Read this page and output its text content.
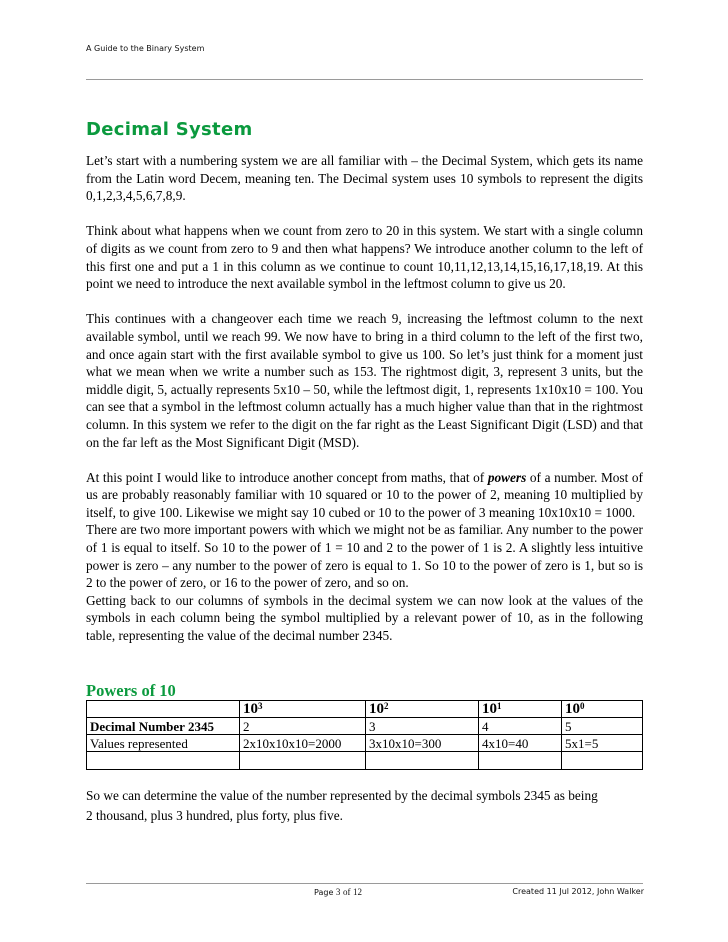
A Guide to the Binary System
Decimal System

Let’s start with a numbering system we are all familiar with – the Decimal System, which gets its name from the Latin word Decem, meaning ten. The Decimal system uses 10 symbols to represent the digits 0,1,2,3,4,5,6,7,8,9.

Think about what happens when we count from zero to 20 in this system. We start with a single column of digits as we count from zero to 9 and then what happens? We introduce another column to the left of this first one and put a 1 in this column as we continue to count 10,11,12,13,14,15,16,17,18,19. At this point we need to introduce the next available symbol in the leftmost column to give us 20.

This continues with a changeover each time we reach 9, increasing the leftmost column to the next available symbol, until we reach 99. We now have to bring in a third column to the left of the first two, and once again start with the first available symbol to give us 100. So let’s just think for a moment just what we mean when we write a number such as 153. The rightmost digit, 3, represent 3 units, but the middle digit, 5, actually represents 5x10 – 50, while the leftmost digit, 1, represents 1x10x10 = 100. You can see that a symbol in the leftmost column actually has a much higher value than that in the rightmost column. In this system we refer to the digit on the far right as the Least Significant Digit (LSD) and that on the far left as the Most Significant Digit (MSD).

At this point I would like to introduce another concept from maths, that of powers of a number. Most of us are probably reasonably familiar with 10 squared or 10 to the power of 2, meaning 10 multiplied by itself, to give 100. Likewise we might say 10 cubed or 10 to the power of 3 meaning 10x10x10 = 1000.

There are two more important powers with which we might not be as familiar. Any number to the power of 1 is equal to itself. So 10 to the power of 1 = 10 and 2 to the power of 1 is 2. A slightly less intuitive power is zero – any number to the power of zero is equal to 1. So 10 to the power of zero is 1, but so is 2 to the power of zero, or 16 to the power of zero, and so on.

Getting back to our columns of symbols in the decimal system we can now look at the values of the symbols in each column being the symbol multiplied by a relevant power of 10, as in the following table, representing the value of the decimal number 2345.

Powers of 10
	$10^3$	$10^2$	$10^1$	$10^0$
Decimal Number 2345	2	3	4	5
Values represented	2x10x10x10=2000	3x10x10=300	4x10=40	5x1=5

So we can determine the value of the number represented by the decimal symbols 2345 as being
2 thousand, plus 3 hundred, plus forty, plus five.
Page 3 of 12	Created 11 Jul 2012, John Walker
